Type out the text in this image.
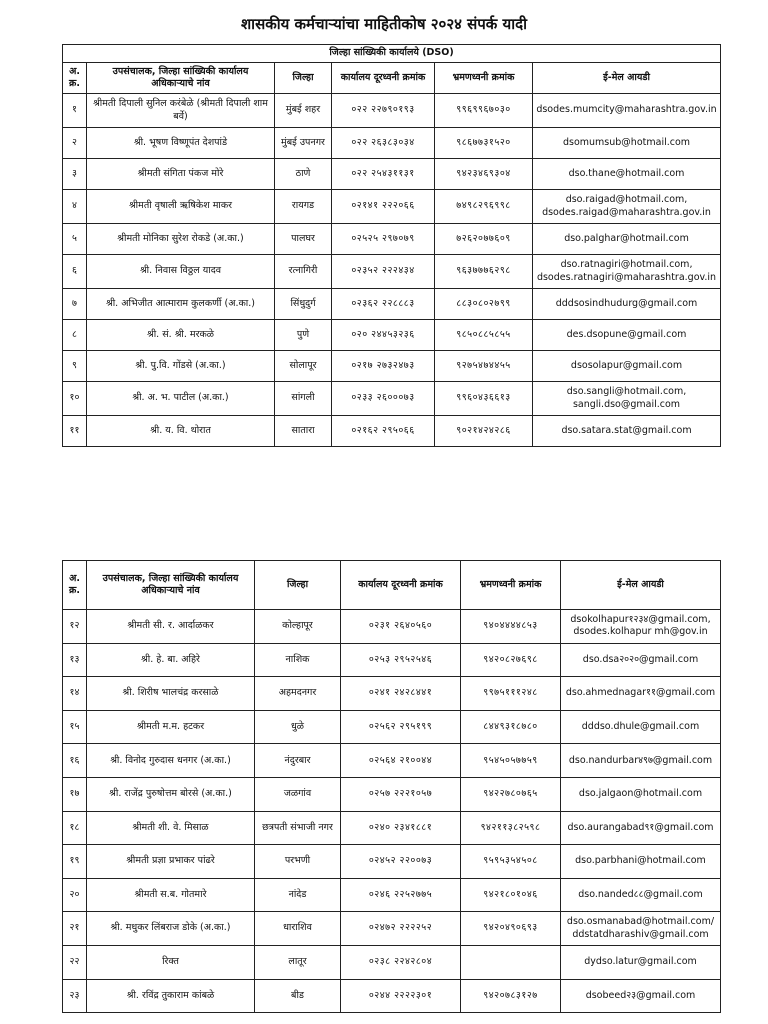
शासकीय कर्मचाऱ्यांचा माहितीकोष २०२४ संपर्क यादी
जिल्हा सांख्यिकी कार्यालये (DSO)					
अ. क्र.	उपसंचालक, जिल्हा सांख्यिकी कार्यालय अधिकाऱ्याचे नांव	जिल्हा	कार्यालय दूरध्वनी क्रमांक	भ्रमणध्वनी क्रमांक	ई-मेल आयडी
१	श्रीमती दिपाली सुनिल करंबेळे (श्रीमती दिपाली शाम बर्वे)	मुंबई शहर	०२२ २२७९०१९३	९९६९९६७०३०	dsodes.mumcity@maharashtra.gov.in
२	श्री. भूषण विष्णूपंत देशपांडे	मुंबई उपनगर	०२२ २६३८३०३४	९८६७७३१५२०	dsomumsub@hotmail.com
३	श्रीमती संगिता पंकज मोरे	ठाणे	०२२ २५४३११३१	९४२३४६९३०४	dso.thane@hotmail.com
४	श्रीमती वृषाली ऋषिकेश माकर	रायगड	०२१४१ २२२०६६	७४९८२९६९९८	dso.raigad@hotmail.com, dsodes.raigad@maharashtra.gov.in
५	श्रीमती मोनिका सुरेश रोकडे (अ.का.)	पालघर	०२५२५ २९७०७९	७२६२०७७६०९	dso.palghar@hotmail.com
६	श्री. निवास विठ्ठल यादव	रत्नागिरी	०२३५२ २२२४३४	९६३७७७६२९८	dso.ratnagiri@hotmail.com, dsodes.ratnagiri@maharashtra.gov.in
७	श्री. अभिजीत आत्माराम कुलकर्णी (अ.का.)	सिंधुदुर्ग	०२३६२ २२८८८३	८८३०८०२७९९	dddsosindhudurg@gmail.com
८	श्री. सं. श्री. मरकळे	पुणे	०२० २४४५३२३६	९८५०८८५८५५	des.dsopune@gmail.com
९	श्री. पु.वि. गोंडसे (अ.का.)	सोलापूर	०२१७ २७३२४७३	९२७५४७४४५५	dsosolapur@gmail.com
१०	श्री. अ. भ. पाटील (अ.का.)	सांगली	०२३३ २६०००७३	९९६०४३६६१३	dso.sangli@hotmail.com, sangli.dso@gmail.com
११	श्री. य. वि. थोरात	सातारा	०२१६२ २९५०६६	९०२१४२४२८६	dso.satara.stat@gmail.com
अ. क्र.	उपसंचालक, जिल्हा सांख्यिकी कार्यालय अधिकाऱ्याचे नांव	जिल्हा	कार्यालय दूरध्वनी क्रमांक	भ्रमणध्वनी क्रमांक	ई-मेल आयडी
१२	श्रीमती सी. र. आर्दाळकर	कोल्हापूर	०२३१ २६४०५६०	९४०४४४४८५३	dsokolhapur१२३४@gmail.com, dsodes.kolhapur mh@gov.in
१३	श्री. हे. बा. अहिरे	नाशिक	०२५३ २९५२५४६	९४२०८२७६९८	dso.dsa२०२०@gmail.com
१४	श्री. शिरीष भालचंद्र करसाळे	अहमदनगर	०२४१ २४२८४४१	९९७५१११२४८	dso.ahmednagar११@gmail.com
१५	श्रीमती म.म. हटकर	धुळे	०२५६२ २९५१९९	८४४९३१८७८०	dddso.dhule@gmail.com
१६	श्री. विनोद गुरुदास धनगर (अ.का.)	नंदुरबार	०२५६४ २१००४४	९५४५०५७७५९	dso.nandurbar४९७@gmail.com
१७	श्री. राजेंद्र पुरुषोत्तम बोरसे (अ.का.)	जळगांव	०२५७ २२२१०५७	९४२२७८०७६५	dso.jalgaon@hotmail.com
१८	श्रीमती शी. वे. मिसाळ	छत्रपती संभाजी नगर	०२४० २३४१८८१	९४२११३८२५९८	dso.aurangabad९१@gmail.com
१९	श्रीमती प्रज्ञा प्रभाकर पांढरे	परभणी	०२४५२ २२००७३	९५९५३५४५०८	dso.parbhani@hotmail.com
२०	श्रीमती स.ब. गोतमारे	नांदेड	०२४६ २२५२७७५	९४२१८०१०४६	dso.nanded८८@gmail.com
२१	श्री. मधुकर लिंबराज डोके (अ.का.)	धाराशिव	०२४७२ २२२२५२	९४२०४९०६९३	dso.osmanabad@hotmail.com/ ddstatdharashiv@gmail.com
२२	रिक्त	लातूर	०२३८ २२४२८०४		dydso.latur@gmail.com
२३	श्री. रविंद्र तुकाराम कांबळे	बीड	०२४४ २२२२३०१	९४२०७८३१२७	dsobeed२३@gmail.com
